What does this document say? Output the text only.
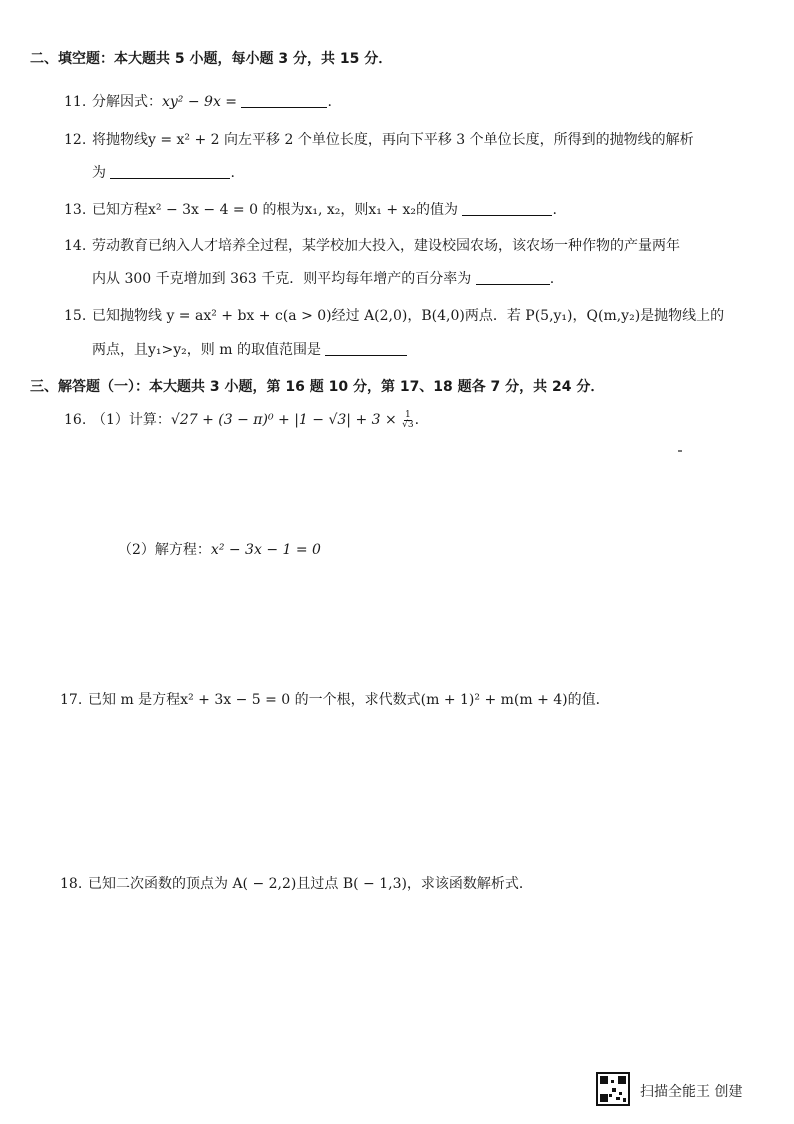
二、填空题：本大题共 5 小题，每小题 3 分，共 15 分．
11. 分解因式：xy² − 9x =	.
12. 将抛物线y = x² + 2 向左平移 2 个单位长度，再向下平移 3 个单位长度，所得到的抛物线的解析
为	.
13. 已知方程x² − 3x − 4 = 0 的根为x₁, x₂，则x₁ + x₂的值为	.
14. 劳动教育已纳入人才培养全过程，某学校加大投入，建设校园农场，该农场一种作物的产量两年
内从 300 千克增加到 363 千克．则平均每年增产的百分率为	.
15. 已知抛物线 y = ax² + bx + c(a > 0)经过 A(2,0)，B(4,0)两点．若 P(5,y₁)，Q(m,y₂)是抛物线上的
两点，且y₁>y₂，则 m 的取值范围是
三、解答题（一）：本大题共 3 小题，第 16 题 10 分，第 17、18 题各 7 分，共 24 分．
16. （1）计算：$√27 + (3 - \pi)^0 + |1 - √3| + 3 \times \frac{1}{√3}$ .
（2）解方程：x² − 3x − 1 = 0
17. 已知 m 是方程x² + 3x − 5 = 0 的一个根，求代数式(m + 1)² + m(m + 4)的值．
18. 已知二次函数的顶点为 A( − 2,2)且过点 B( − 1,3)，求该函数解析式．
扫描全能王 创建
